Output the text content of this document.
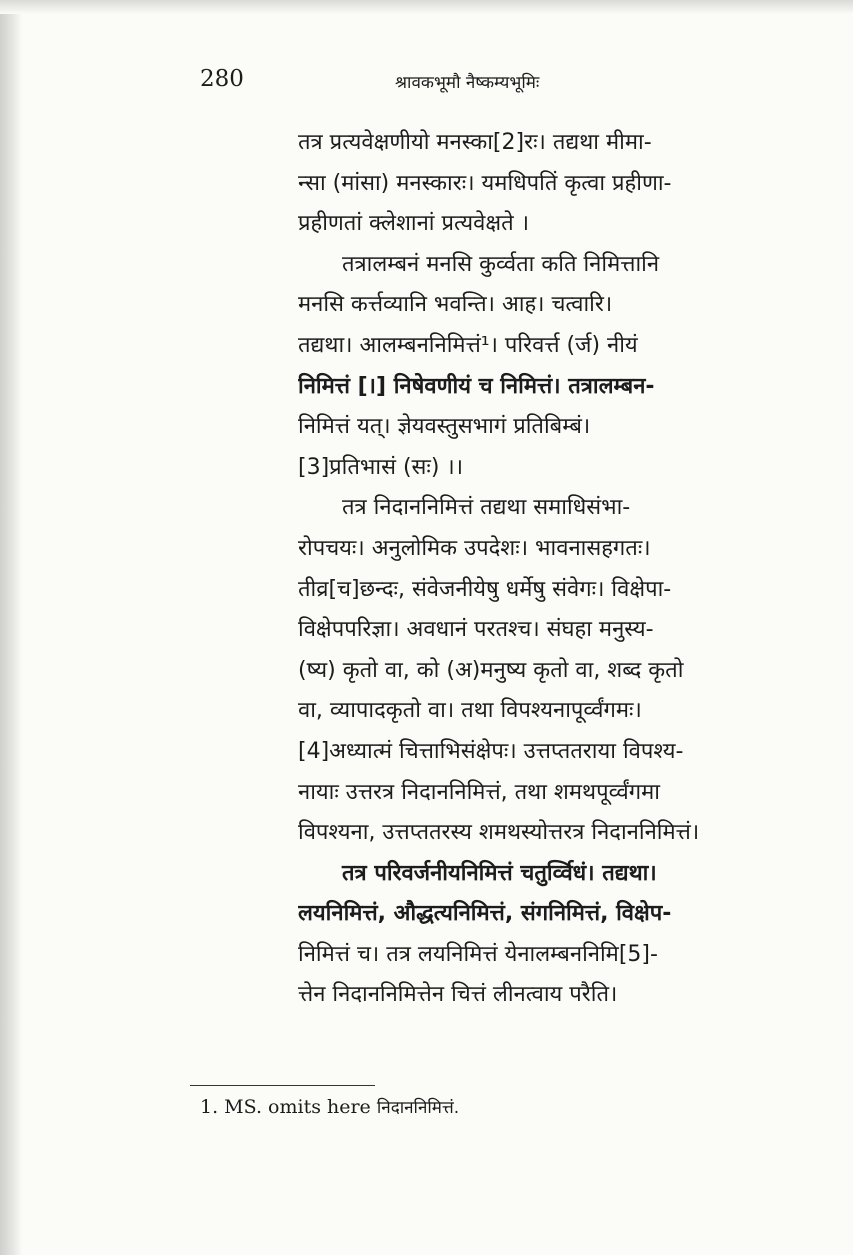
280	श्रावकभूमौ नैष्कम्यभूमिः
तत्र प्रत्यवेक्षणीयो मनस्का[2]रः। तद्यथा मीमा-
न्सा (मांसा) मनस्कारः। यमधिपतिं कृत्वा प्रहीणा-
प्रहीणतां क्लेशानां प्रत्यवेक्षते ।
तत्रालम्बनं मनसि कुर्व्वता कति निमित्तानि
मनसि कर्त्तव्यानि भवन्ति। आह। चत्वारि।
तद्यथा। आलम्बननिमित्तं¹। परिवर्त्त (र्ज) नीयं
निमित्तं [।] निषेवणीयं च निमित्तं। तत्रालम्बन-
निमित्तं यत्। ज्ञेयवस्तुसभागं प्रतिबिम्बं।
[3]प्रतिभासं (सः) ।।
तत्र निदाननिमित्तं तद्यथा समाधिसंभा-
रोपचयः। अनुलोमिक उपदेशः। भावनासहगतः।
तीव्र[च]छन्दः, संवेजनीयेषु धर्मेषु संवेगः। विक्षेपा-
विक्षेपपरिज्ञा। अवधानं परतश्च। संघहा मनुस्य-
(ष्य) कृतो वा, को (अ)मनुष्य कृतो वा, शब्द कृतो
वा, व्यापादकृतो वा। तथा विपश्यनापूर्व्वंगमः।
[4]अध्यात्मं चित्ताभिसंक्षेपः। उत्तप्ततराया विपश्य-
नायाः उत्तरत्र निदाननिमित्तं, तथा शमथपूर्व्वंगमा
विपश्यना, उत्तप्ततरस्य शमथस्योत्तरत्र निदाननिमित्तं।
तत्र परिवर्जनीयनिमित्तं चतुर्व्विधं। तद्यथा।
लयनिमित्तं, औद्धत्यनिमित्तं, संगनिमित्तं, विक्षेप-
निमित्तं च। तत्र लयनिमित्तं येनालम्बननिमि[5]-
त्तेन निदाननिमित्तेन चित्तं लीनत्वाय परैति।
1. MS. omits here निदाननिमित्तं.
